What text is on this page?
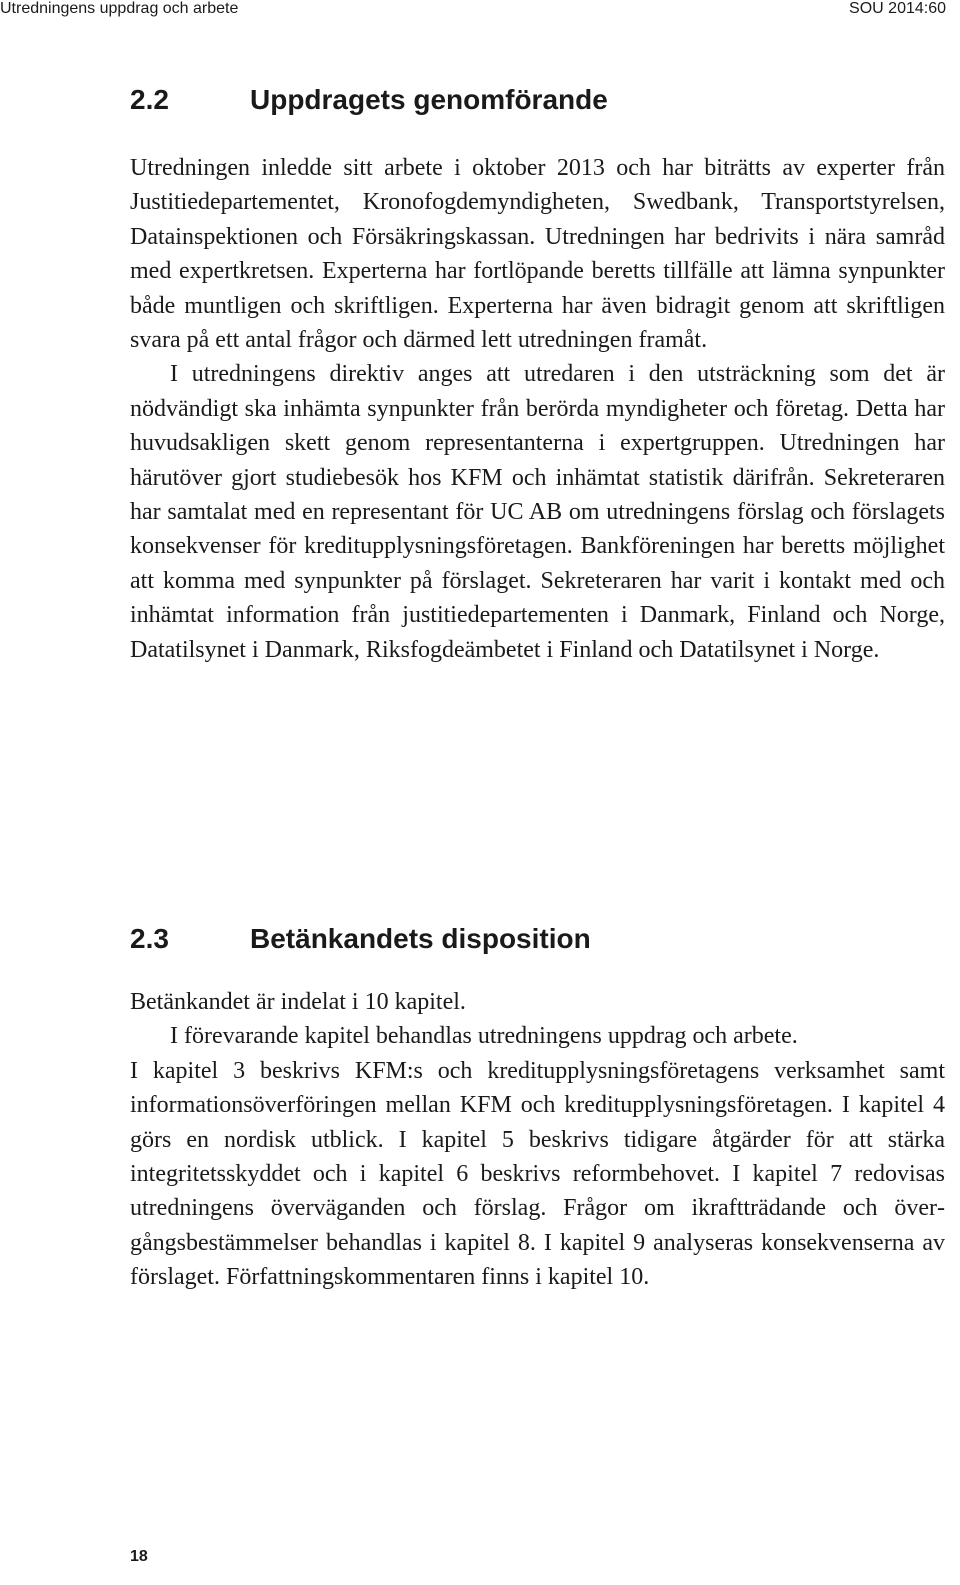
Utredningens uppdrag och arbete	SOU 2014:60
2.2	Uppdragets genomförande

Utredningen inledde sitt arbete i oktober 2013 och har biträtts av experter från Justitiedepartementet, Kronofogdemyndigheten, Swedbank, Transportstyrelsen, Datainspektionen och Försäkringskassan. Utredningen har bedrivits i nära samråd med expertkretsen. Experterna har fortlöpande beretts tillfälle att lämna synpunkter både muntligen och skriftligen. Experterna har även bidragit genom att skriftligen svara på ett antal frågor och därmed lett utredningen framåt.

I utredningens direktiv anges att utredaren i den utsträckning som det är nödvändigt ska inhämta synpunkter från berörda myndigheter och företag. Detta har huvudsakligen skett genom representanterna i expertgruppen. Utredningen har härutöver gjort studiebesök hos KFM och inhämtat statistik därifrån. Sekreteraren har samtalat med en representant för UC AB om utredningens förslag och förslagets konsekvenser för kreditupplysningsföretagen. Bankföreningen har beretts möjlighet att komma med synpunkter på förslaget. Sekreteraren har varit i kontakt med och inhämtat information från justitiedepartementen i Danmark, Finland och Norge, Datatilsynet i Danmark, Riksfogdeämbetet i Finland och Datatilsynet i Norge.

2.3	Betänkandets disposition

Betänkandet är indelat i 10 kapitel.

I förevarande kapitel behandlas utredningens uppdrag och arbete.

I kapitel 3 beskrivs KFM:s och kreditupplysningsföretagens verksamhet samt informationsöverföringen mellan KFM och kreditupplysningsföretagen. I kapitel 4 görs en nordisk utblick. I kapitel 5 beskrivs tidigare åtgärder för att stärka integritetsskyddet och i kapitel 6 beskrivs reformbehovet. I kapitel 7 redovisas utredningens överväganden och förslag. Frågor om ikraftträdande och övergångsbestämmelser behandlas i kapitel 8. I kapitel 9 analyseras konsekvenserna av förslaget. Författningskommentaren finns i kapitel 10.

18
